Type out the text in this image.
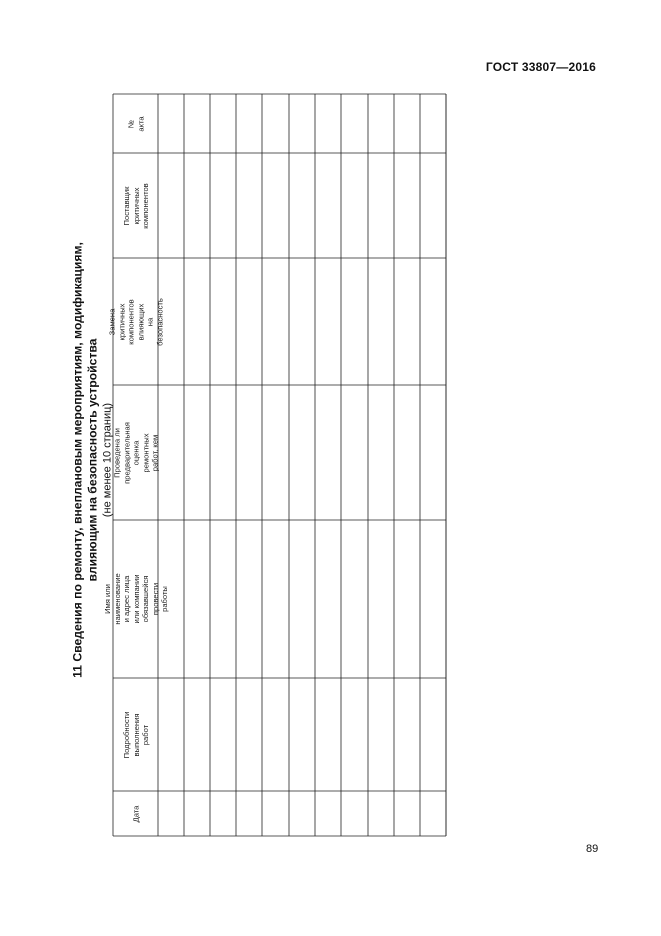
ГОСТ 33807—2016
11 Сведения по ремонту, внеплановым мероприятиям, модификациям, влияющим на безопасность устройства (не менее 10 страниц)
Дата
Подробности
выполнения работ
Имя или наименование
и адрес лица или компании
обязавшейся провести работы
Проведена ли
предварительная оценка
ремонтных работ, кем
Замена критичных
компонентов влияющих
на безопасность
Поставщик критичных
компонентов
№ акта
89
